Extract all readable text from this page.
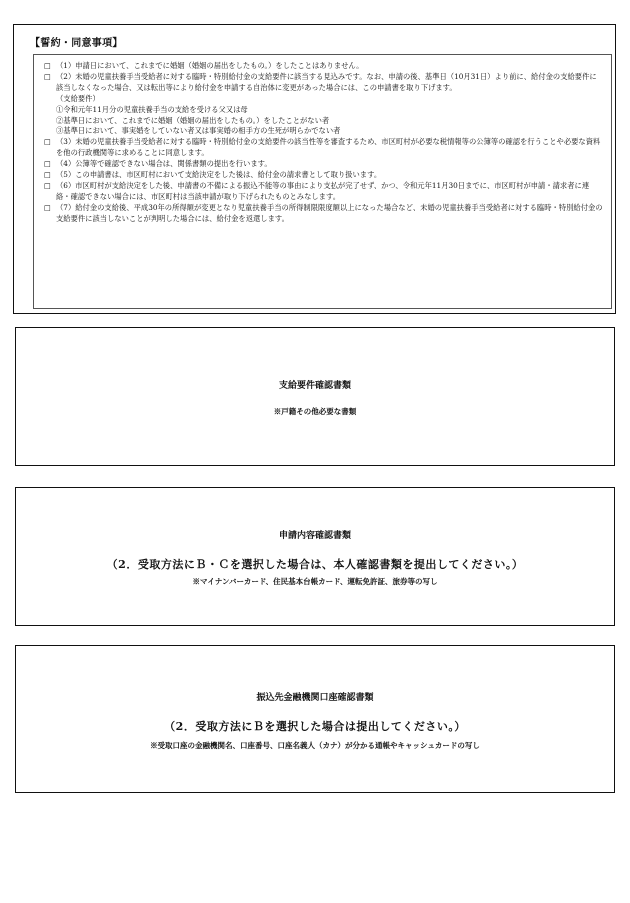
【誓約・同意事項】
□ （1）申請日において、これまでに婚姻（婚姻の届出をしたもの。）をしたことはありません。
□ （2）未婚の児童扶養手当受給者に対する臨時・特別給付金の支給要件に該当する見込みです。なお、申請の後、基準日（10月31日）より前に、給付金の支給要件に該当しなくなった場合、又は転出等により給付金を申請する自治体に変更があった場合には、この申請書を取り下げます。
（支給要件）
①令和元年11月分の児童扶養手当の支給を受ける父又は母
②基準日において、これまでに婚姻（婚姻の届出をしたもの。）をしたことがない者
③基準日において、事実婚をしていない者又は事実婚の相手方の生死が明らかでない者
□ （3）未婚の児童扶養手当受給者に対する臨時・特別給付金の支給要件の該当性等を審査するため、市区町村が必要な税情報等の公簿等の確認を行うことや必要な資料を他の行政機関等に求めることに同意します。
□ （4）公簿等で確認できない場合は、関係書類の提出を行います。
□ （5）この申請書は、市区町村において支給決定をした後は、給付金の請求書として取り扱います。
□ （6）市区町村が支給決定をした後、申請書の不備による振込不能等の事由により支払が完了せず、かつ、令和元年11月30日までに、市区町村が申請・請求者に連絡・確認できない場合には、市区町村は当該申請が取り下げられたものとみなします。
□ （7）給付金の支給後、平成30年の所得額が変更となり児童扶養手当の所得制限限度額以上になった場合など、未婚の児童扶養手当受給者に対する臨時・特別給付金の支給要件に該当しないことが判明した場合には、給付金を返還します。
支給要件確認書類
※戸籍その他必要な書類
申請内容確認書類
（2．受取方法にＢ・Ｃを選択した場合は、本人確認書類を提出してください。）
※マイナンバーカード、住民基本台帳カード、運転免許証、旅券等の写し
振込先金融機関口座確認書類
（2．受取方法にＢを選択した場合は提出してください。）
※受取口座の金融機関名、口座番号、口座名義人（カナ）が分かる通帳やキャッシュカードの写し
